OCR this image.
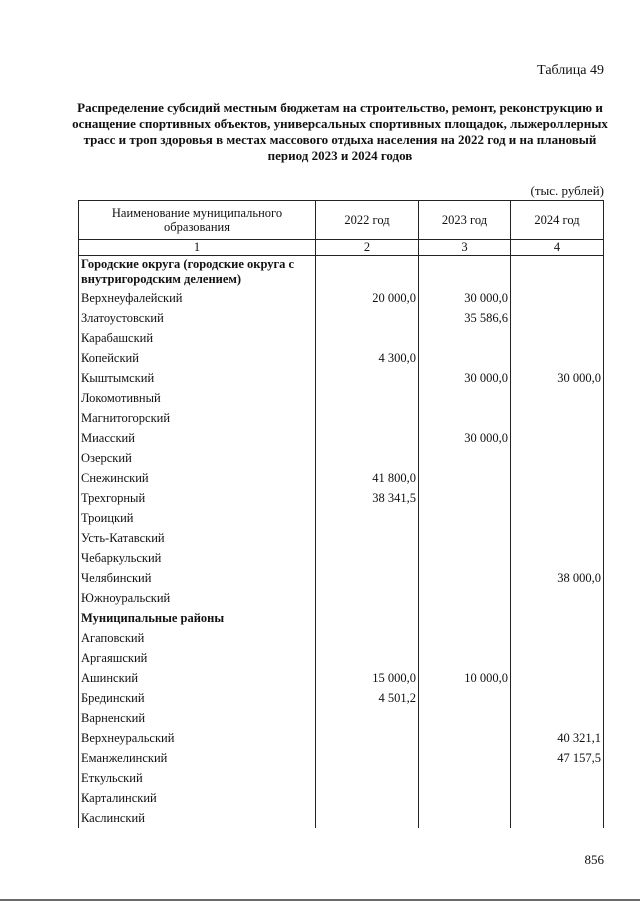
Таблица 49
Распределение субсидий местным бюджетам на строительство, ремонт, реконструкцию и оснащение спортивных объектов, универсальных спортивных площадок, лыжероллерных трасс и троп здоровья в местах массового отдыха населения на 2022 год и на плановый период 2023 и 2024 годов
(тыс. рублей)
Наименование муниципального образования	2022 год	2023 год	2024 год
1	2	3	4
Городские округа (городские округа с внутригородским делением)			
Верхнеуфалейский	20 000,0	30 000,0	
Златоустовский		35 586,6	
Карабашский			
Копейский	4 300,0		
Кыштымский		30 000,0	30 000,0
Локомотивный			
Магнитогорский			
Миасский		30 000,0	
Озерский			
Снежинский	41 800,0		
Трехгорный	38 341,5		
Троицкий			
Усть-Катавский			
Чебаркульский			
Челябинский			38 000,0
Южноуральский			
Муниципальные районы			
Агаповский			
Аргаяшский			
Ашинский	15 000,0	10 000,0	
Брединский	4 501,2		
Варненский			
Верхнеуральский			40 321,1
Еманжелинский			47 157,5
Еткульский			
Карталинский			
Каслинский			
856
